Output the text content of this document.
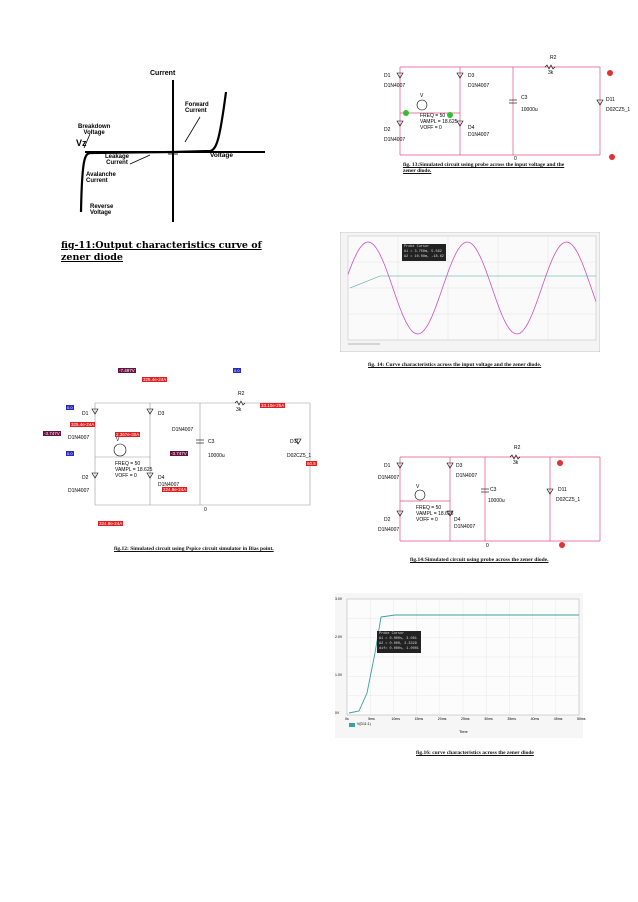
Current
Forward
Current
Breakdown
Voltage
Vz
Leakage
Current
Voltage
Avalanche
Current
Reverse
Voltage
fig-11:Output characteristics curve of
zener diode
D1
D1N4007
D2
D1N4007
D3
D1N4007
D4
D1N4007
V
FREQ = 50
VAMPL = 18.625
VOFF = 0
C3
10000u
R2
3k
D11
D02CZ5_1
0
fig. 13:Simulated circuit using probe across the input voltage and the
zener diode.
Probe Cursor
A1 = 3.750m, 5.562
A2 = 10.08m, -18.62
fig. 14: Curve characteristics across the input voltage and the zener diode.
-7.497V
325.4e-24A
0.0
0.0
325.4e-24A
-3.747V	2.367e-30A
-3.747V
324.8e-24A
324.8e-24A
33.10e-25A
60.5
0.0
D1
D1N4007
D2
D1N4007
D3
D1N4007
D4
D1N4007
V
FREQ = 50
VAMPL = 18.625
VOFF = 0
C3
10000u
R2
3k
D11
D02CZ5_1
0
fig.12: Simulated circuit using Pspice circuit simulator in Bias point.
D1
D1N4007
D2
D1N4007
D3
D1N4007
D4
D1N4007
V
FREQ = 50
VAMPL = 18.625
VOFF = 0
C3
10000u
R2
3k
D11
D02CZ5_1
0
fig.14:Simulated circuit using probe across the zener diode.
3.0V
2.0V
1.0V
0V
0s	5ms	10ms	15ms	20ms	25ms	30ms	35ms	40ms	45ms	50ms
Time
V(D11:1)
Probe Cursor
A1 = 0.000s, 3.061
A2 = 0.000, 2.3329
dif= 0.000s, 1.0001
fig.16: curve characteristics across the zener diode
